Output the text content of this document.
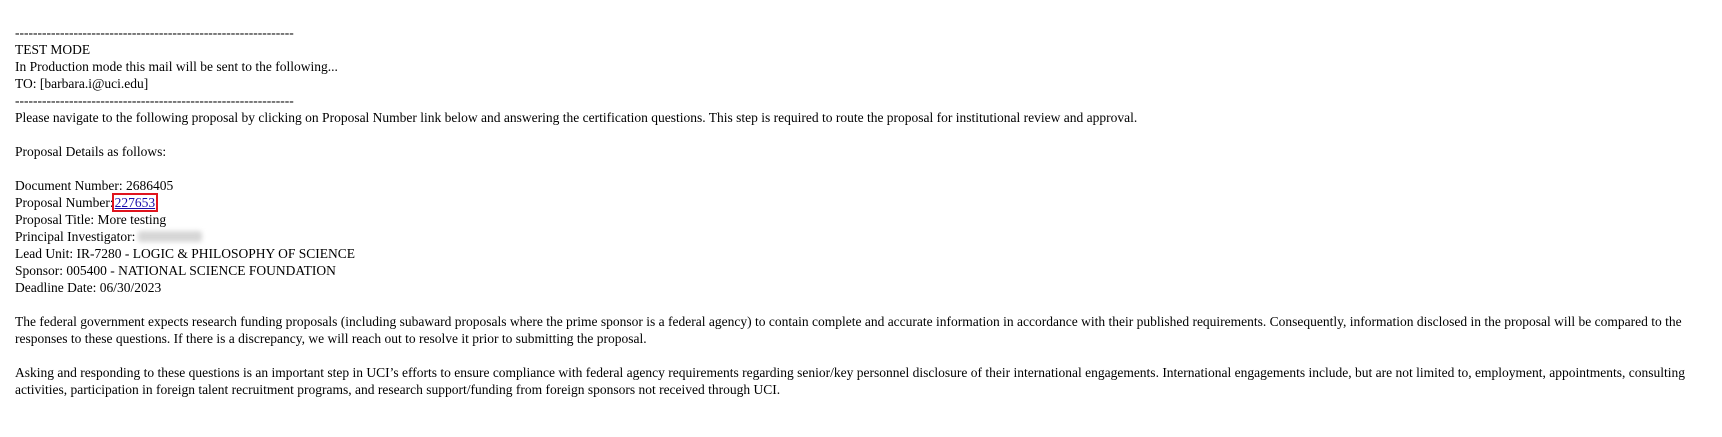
--------------------------------------------------------------
TEST MODE
In Production mode this mail will be sent to the following...
TO: [barbara.i@uci.edu]
--------------------------------------------------------------
Please navigate to the following proposal by clicking on Proposal Number link below and answering the certification questions. This step is required to route the proposal for institutional review and approval.
Proposal Details as follows:
Document Number: 2686405
Proposal Number:227653
Proposal Title: More testing
Principal Investigator:
Lead Unit: IR-7280 - LOGIC & PHILOSOPHY OF SCIENCE
Sponsor: 005400 - NATIONAL SCIENCE FOUNDATION
Deadline Date: 06/30/2023

The federal government expects research funding proposals (including subaward proposals where the prime sponsor is a federal agency) to contain complete and accurate information in accordance with their published requirements. Consequently, information disclosed in the proposal will be compared to the responses to these questions. If there is a discrepancy, we will reach out to resolve it prior to submitting the proposal.

Asking and responding to these questions is an important step in UCI’s efforts to ensure compliance with federal agency requirements regarding senior/key personnel disclosure of their international engagements. International engagements include, but are not limited to, employment, appointments, consulting activities, participation in foreign talent recruitment programs, and research support/funding from foreign sponsors not received through UCI.
